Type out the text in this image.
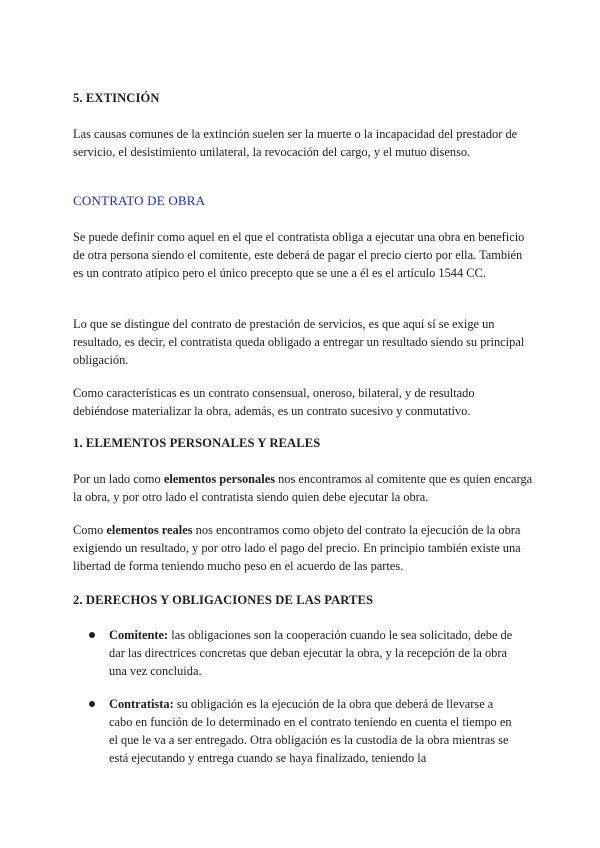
5. EXTINCIÓN

Las causas comunes de la extinción suelen ser la muerte o la incapacidad del prestador de servicio, el desistimiento unilateral, la revocación del cargo, y el mutuo disenso.

CONTRATO DE OBRA

Se puede definir como aquel en el que el contratista obliga a ejecutar una obra en beneficio de otra persona siendo el comitente, este deberá de pagar el precio cierto por ella. También es un contrato atípico pero el único precepto que se une a él es el artículo 1544 CC.

Lo que se distingue del contrato de prestación de servicios, es que aquí sí se exige un resultado, es decir, el contratista queda obligado a entregar un resultado siendo su principal obligación.

Como características es un contrato consensual, oneroso, bilateral, y de resultado debiéndose materializar la obra, además, es un contrato sucesivo y conmutativo.

1. ELEMENTOS PERSONALES Y REALES

Por un lado como elementos personales nos encontramos al comitente que es quien encarga la obra, y por otro lado el contratista siendo quien debe ejecutar la obra.

Como elementos reales nos encontramos como objeto del contrato la ejecución de la obra exigiendo un resultado, y por otro lado el pago del precio. En principio también existe una libertad de forma teniendo mucho peso en el acuerdo de las partes.

2. DERECHOS Y OBLIGACIONES DE LAS PARTES

Comitente: las obligaciones son la cooperación cuando le sea solicitado, debe de dar las directrices concretas que deban ejecutar la obra, y la recepción de la obra una vez concluida.

Contratista: su obligación es la ejecución de la obra que deberá de llevarse a cabo en función de lo determinado en el contrato teniendo en cuenta el tiempo en el que le va a ser entregado. Otra obligación es la custodia de la obra mientras se está ejecutando y entrega cuando se haya finalizado, teniendo la
